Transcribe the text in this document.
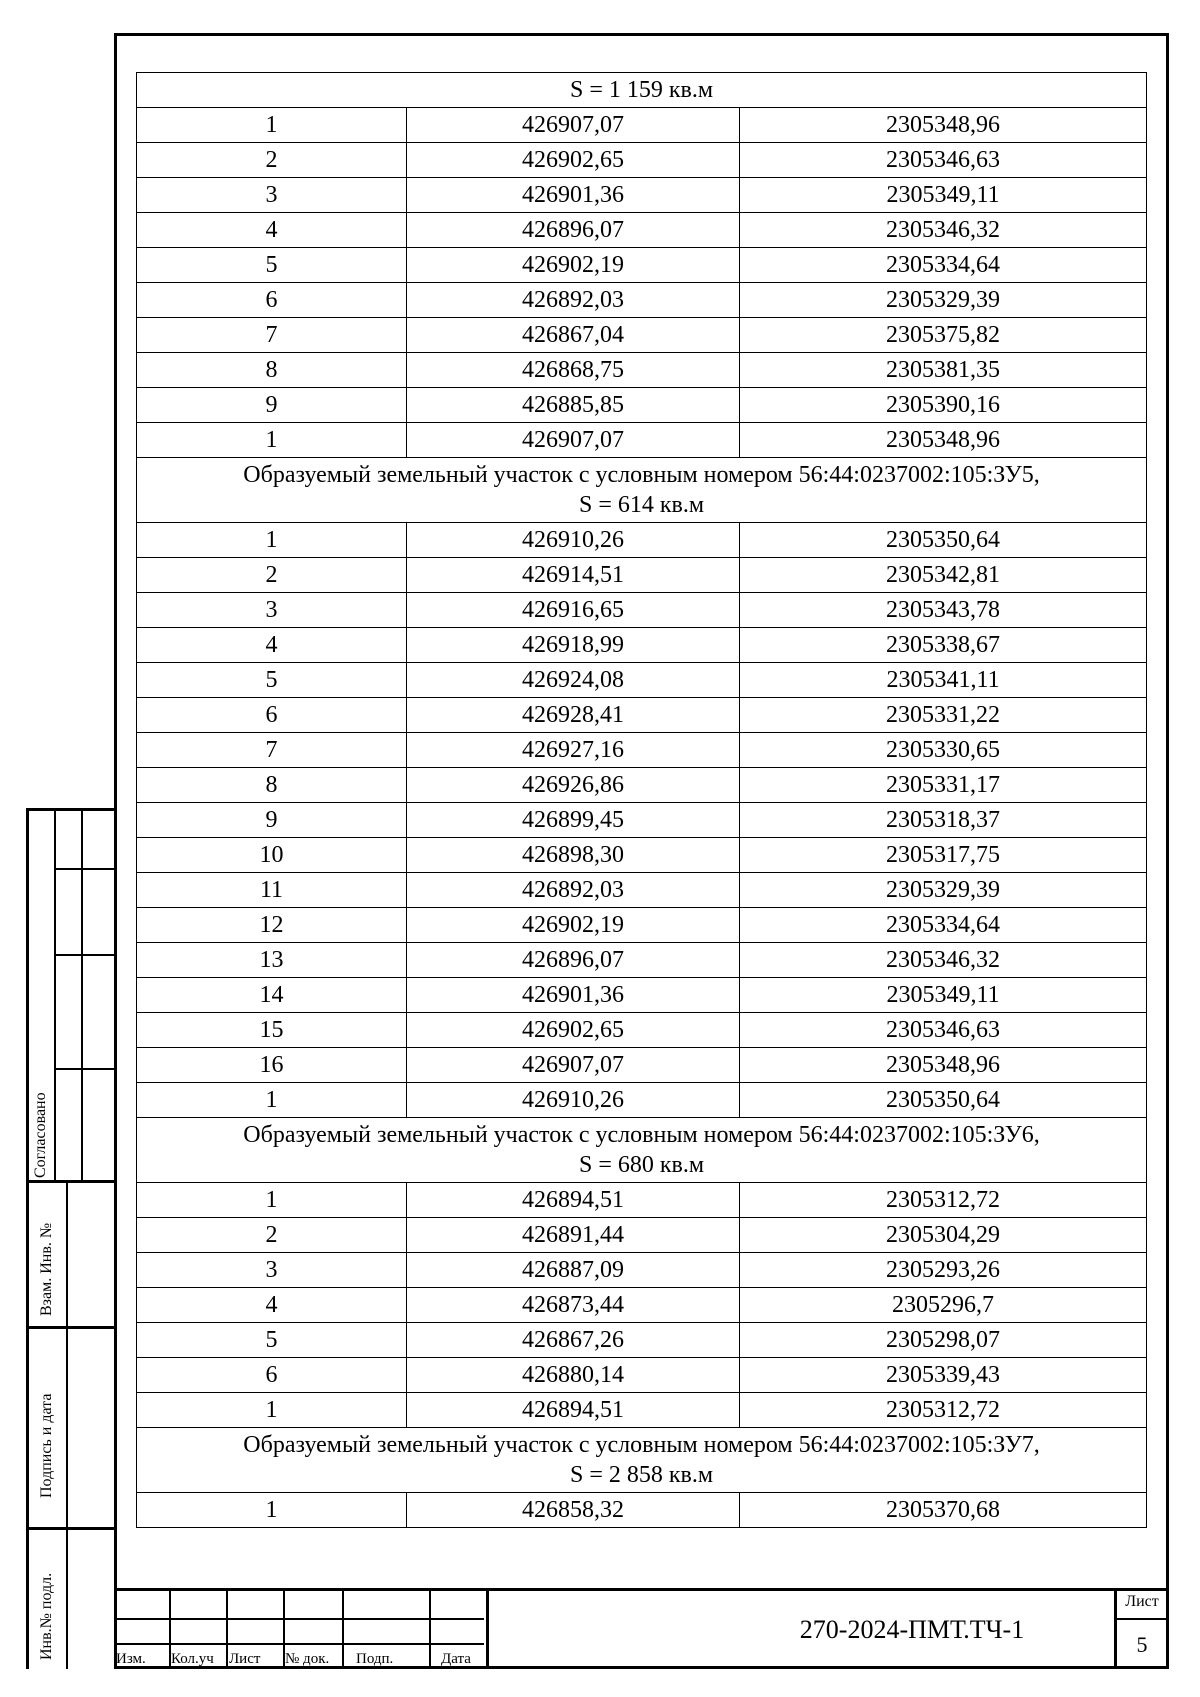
S = 1 159 кв.м		

1	426907,07	2305348,96
2	426902,65	2305346,63
3	426901,36	2305349,11
4	426896,07	2305346,32
5	426902,19	2305334,64
6	426892,03	2305329,39
7	426867,04	2305375,82
8	426868,75	2305381,35
9	426885,85	2305390,16
1	426907,07	2305348,96

Образуемый земельный участок с условным номером 56:44:0237002:105:ЗУ5,
S = 614 кв.м		

1	426910,26	2305350,64
2	426914,51	2305342,81
3	426916,65	2305343,78
4	426918,99	2305338,67
5	426924,08	2305341,11
6	426928,41	2305331,22
7	426927,16	2305330,65
8	426926,86	2305331,17
9	426899,45	2305318,37
10	426898,30	2305317,75
11	426892,03	2305329,39
12	426902,19	2305334,64
13	426896,07	2305346,32
14	426901,36	2305349,11
15	426902,65	2305346,63
16	426907,07	2305348,96
1	426910,26	2305350,64

Образуемый земельный участок с условным номером 56:44:0237002:105:ЗУ6,
S = 680 кв.м		

1	426894,51	2305312,72
2	426891,44	2305304,29
3	426887,09	2305293,26
4	426873,44	2305296,7
5	426867,26	2305298,07
6	426880,14	2305339,43
1	426894,51	2305312,72

Образуемый земельный участок с условным номером 56:44:0237002:105:ЗУ7,
S = 2 858 кв.м		

1	426858,32	2305370,68
Изм. Кол.уч Лист № док. Подп.	Дата
270-2024-ПМТ.ТЧ-1
Лист
5
Согласовано
Взам. Инв. №
Подпись и дата
Инв.№ подл.
